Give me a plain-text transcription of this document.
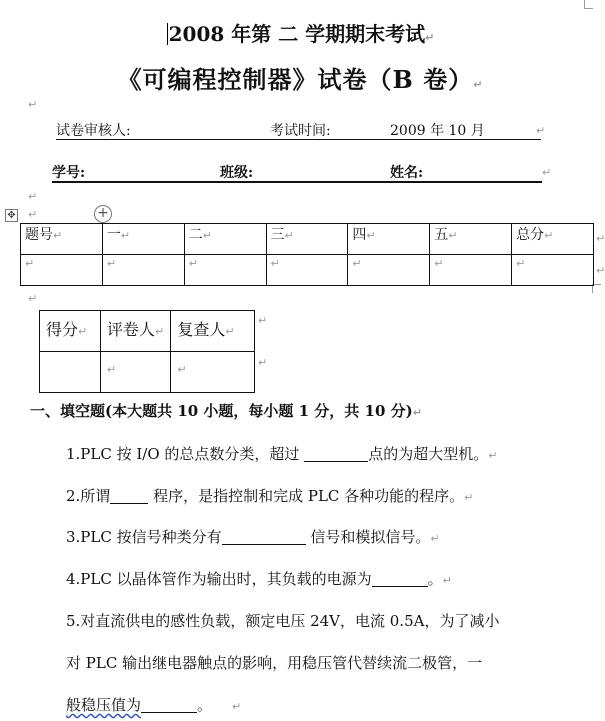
2008 年第 二 学期期末考试↵
《可编程控制器》试卷（B 卷）↵
↵
试卷审核人:	考试时间:	2009 年 10 月	↵
学号:	班级:	姓名:	↵
↵
✥ ↵	+
题号↵	一↵	二↵	三↵	四↵	五↵	总分↵
↵	↵	↵	↵	↵	↵	↵
↵
↵
↵
得分↵	评卷人↵	复查人↵
	↵	↵
↵
↵
一、填空题(本大题共 10 小题，每小题 1 分，共 10 分)↵
1.PLC 按 I/O 的总点数分类，超过	点的为超大型机。↵
2.所谓	程序，是指控制和完成 PLC 各种功能的程序。↵
3.PLC 按信号种类分有	信号和模拟信号。↵
4.PLC 以晶体管作为输出时，其负载的电源为	。↵
5.对直流供电的感性负载，额定电压 24V，电流 0.5A，为了减小
对 PLC 输出继电器触点的影响，用稳压管代替续流二极管，一
般稳压值为	。 ↵
